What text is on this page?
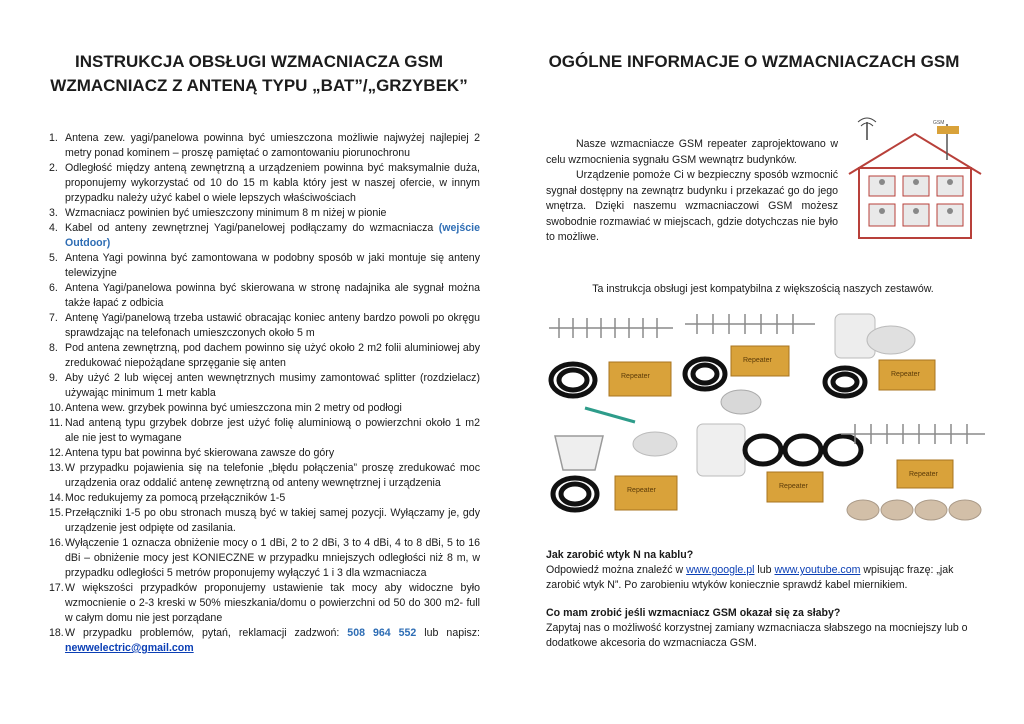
INSTRUKCJA OBSŁUGI WZMACNIACZA GSM
WZMACNIACZ Z ANTENĄ TYPU „BAT”/„GRZYBEK”
1. Antena zew. yagi/panelowa powinna być umieszczona możliwie najwyżej najlepiej 2 metry ponad kominem – proszę pamiętać o zamontowaniu piorunochronu
2. Odległość między anteną zewnętrzną a urządzeniem powinna być maksymalnie duża, proponujemy wykorzystać od 10 do 15 m kabla który jest w naszej ofercie, w innym przypadku należy użyć kabel o wiele lepszych właściwościach
3. Wzmacniacz powinien być umieszczony minimum 8 m niżej w pionie
4. Kabel od anteny zewnętrznej Yagi/panelowej podłączamy do wzmacniacza (wejście Outdoor)
5. Antena Yagi powinna być zamontowana w podobny sposób w jaki montuje się anteny telewizyjne
6. Antena Yagi/panelowa powinna być skierowana w stronę nadajnika ale sygnał można także łapać z odbicia
7. Antenę Yagi/panelową trzeba ustawić obracając koniec anteny bardzo powoli po okręgu sprawdzając na telefonach umieszczonych około 5 m
8. Pod antena zewnętrzną, pod dachem powinno się użyć około 2 m2 folii aluminiowej aby zredukować niepożądane sprzęganie się anten
9. Aby użyć 2 lub więcej anten wewnętrznych musimy zamontować splitter (rozdzielacz) używając minimum 1 metr kabla
10. Antena wew. grzybek powinna być umieszczona min 2 metry od podłogi
11. Nad anteną typu grzybek dobrze jest użyć folię aluminiową o powierzchni około 1 m2 ale nie jest to wymagane
12. Antena typu bat powinna być skierowana zawsze do góry
13. W przypadku pojawienia się na telefonie „błędu połączenia” proszę zredukować moc urządzenia oraz oddalić antenę zewnętrzną od anteny wewnętrznej i urządzenia
14. Moc redukujemy za pomocą przełączników 1-5
15. Przełączniki 1-5 po obu stronach muszą być w takiej samej pozycji. Wyłączamy je, gdy urządzenie jest odpięte od zasilania.
16. Wyłączenie 1 oznacza obniżenie mocy o 1 dBi, 2 to 2 dBi, 3 to 4 dBi, 4 to 8 dBi, 5 to 16 dBi – obniżenie mocy jest KONIECZNE w przypadku mniejszych odległości niż 8 m, w przypadku odległości 5 metrów proponujemy wyłączyć 1 i 3 dla wzmacniacza
17. W większości przypadków proponujemy ustawienie tak mocy aby widoczne było wzmocnienie o 2-3 kreski w 50% mieszkania/domu o powierzchni od 50 do 300 m2- full w całym domu nie jest porządane
18. W przypadku problemów, pytań, reklamacji zadzwoń: 508 964 552 lub napisz: newwelectric@gmail.com
OGÓLNE INFORMACJE O WZMACNIACZACH GSM

Nasze wzmacniacze GSM repeater zaprojektowano w celu wzmocnienia sygnału GSM wewnątrz budynków.

Urządzenie pomoże Ci w bezpieczny sposób wzmocnić sygnał dostępny na zewnątrz budynku i przekazać go do jego wnętrza. Dzięki naszemu wzmacniaczowi GSM możesz swobodnie rozmawiać w miejscach, gdzie dotychczas nie było to możliwe.

GSM
Ta instrukcja obsługi jest kompatybilna z większością naszych zestawów.
Repeater
Repeater
Repeater
Repeater
Repeater
Repeater

Jak zarobić wtyk N na kablu?

Odpowiedź można znaleźć w www.google.pl lub www.youtube.com wpisując frazę: „jak zarobić wtyk N”. Po zarobieniu wtyków koniecznie sprawdź kabel miernikiem.

Co mam zrobić jeśli wzmacniacz GSM okazał się za słaby?

Zapytaj nas o możliwość korzystnej zamiany wzmacniacza słabszego na mocniejszy lub o dodatkowe akcesoria do wzmacniacza GSM.
